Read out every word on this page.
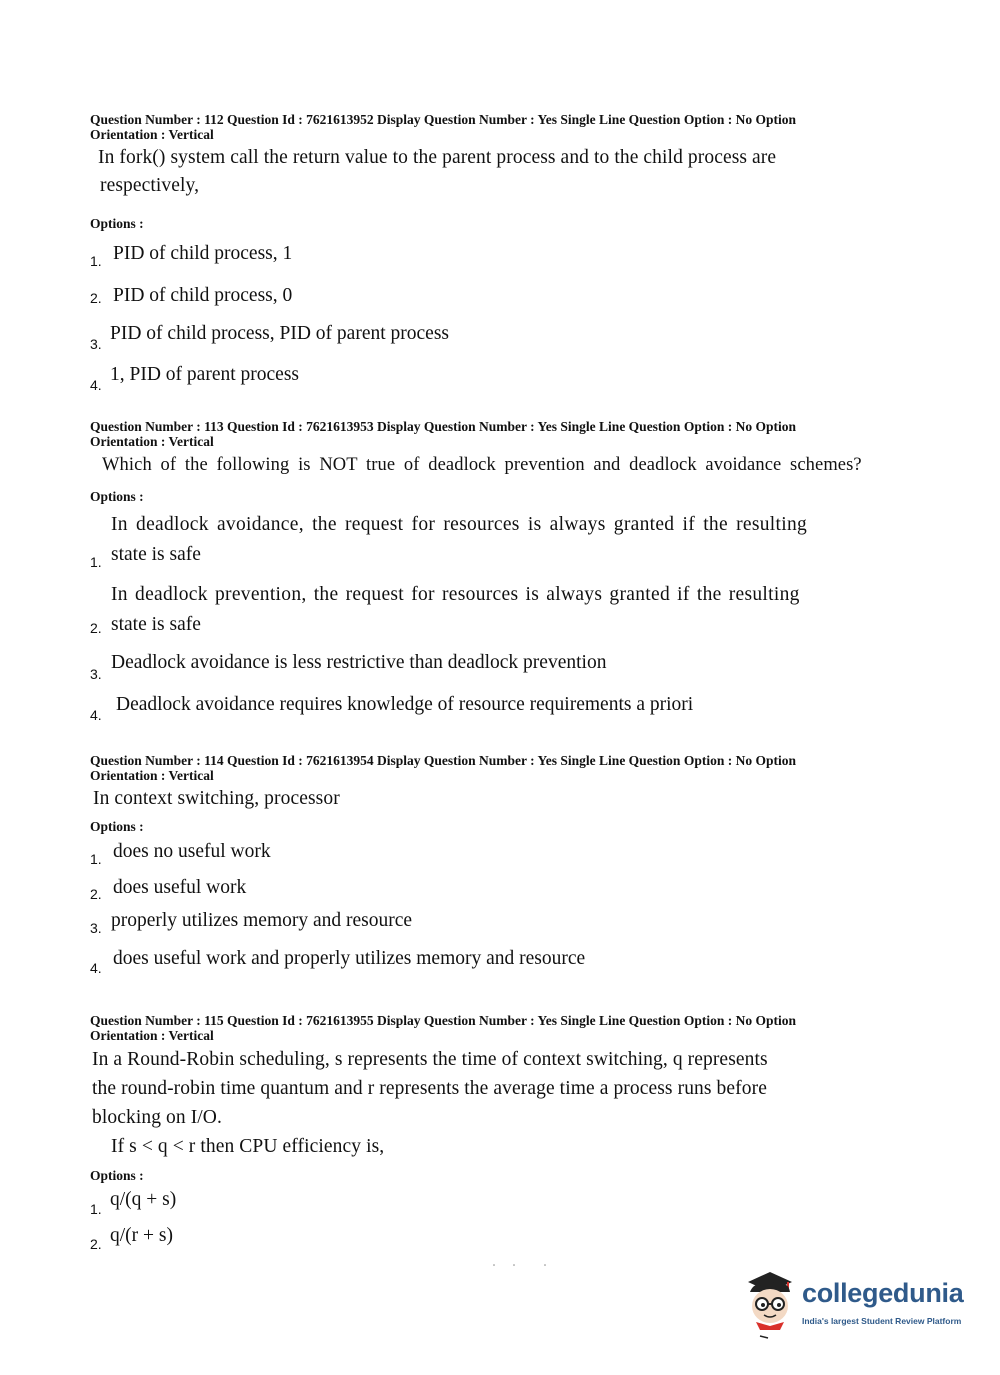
Question Number : 112 Question Id : 7621613952 Display Question Number : Yes Single Line Question Option : No Option
Orientation : Vertical
In fork() system call the return value to the parent process and to the child process are
respectively,
Options :
1. PID of child process, 1
2. PID of child process, 0
3. PID of child process, PID of parent process
4. 1, PID of parent process
Question Number : 113 Question Id : 7621613953 Display Question Number : Yes Single Line Question Option : No Option
Orientation : Vertical
Which of the following is NOT true of deadlock prevention and deadlock avoidance schemes?
Options :
1.
In deadlock avoidance, the request for resources is always granted if the resulting
state is safe
2.
In deadlock prevention, the request for resources is always granted if the resulting
state is safe
3.
Deadlock avoidance is less restrictive than deadlock prevention
4. Deadlock avoidance requires knowledge of resource requirements a priori
Question Number : 114 Question Id : 7621613954 Display Question Number : Yes Single Line Question Option : No Option
Orientation : Vertical
In context switching, processor
Options :
1. does no useful work
2. does useful work
3. properly utilizes memory and resource
4. does useful work and properly utilizes memory and resource
Question Number : 115 Question Id : 7621613955 Display Question Number : Yes Single Line Question Option : No Option
Orientation : Vertical
In a Round-Robin scheduling, s represents the time of context switching, q represents
the round-robin time quantum and r represents the average time a process runs before
blocking on I/O.
If s < q < r then CPU efficiency is,
Options :
1. q/(q + s)
2. q/(r + s)
collegedunia
India's largest Student Review Platform
